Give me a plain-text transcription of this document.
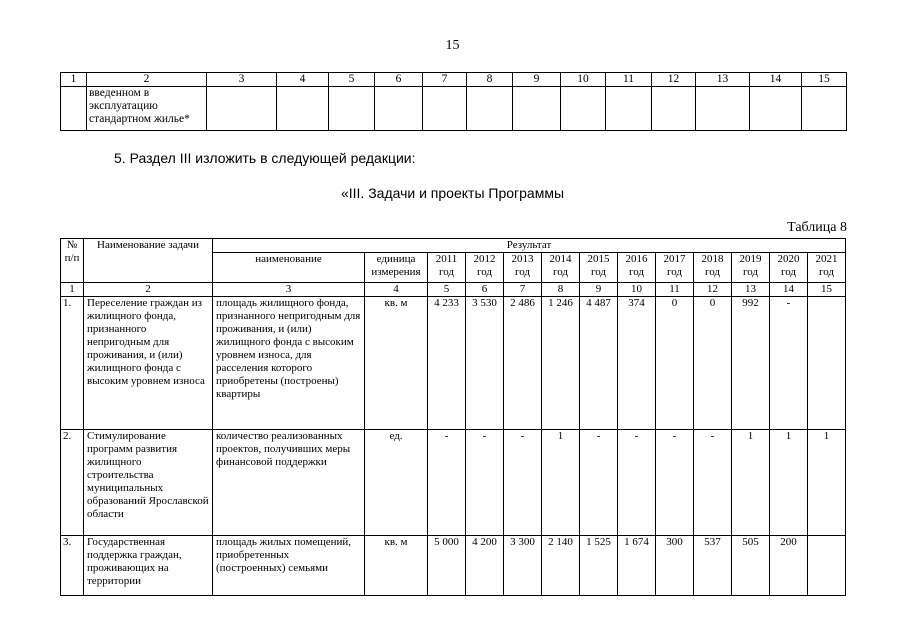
15
1	2	3	4	5	6	7	8	9	10	11	12	13	14	15

	введенном в
эксплуатацию
стандартном жилье*													

5. Раздел III изложить в следующей редакции:
«III. Задачи и проекты Программы
Таблица 8
№ п/п	Наименование задачи	Результат												
		наименование	единица измерения	2011 год	2012 год	2013 год	2014 год	2015 год	2016 год	2017 год	2018 год	2019 год	2020 год	2021 год
1	2	3	4	5	6	7	8	9	10	11	12	13	14	15
1.	Переселение граждан из жилищного фонда, признанного непригодным для проживания, и (или) жилищного фонда с высоким уровнем износа	площадь жилищного фонда, признанного непригодным для проживания, и (или) жилищного фонда с высоким уровнем износа, для расселения которого приобретены (построены) квартиры	кв. м	4 233	3 530	2 486	1 246	4 487	374	0	0	992	-	
2.	Стимулирование программ развития жилищного строительства муниципальных образований Ярославской области	количество реализованных проектов, получивших меры финансовой поддержки	ед.	-	-	-	1	-	-	-	-	1	1	1
3.	Государственная поддержка граждан, проживающих на территории	площадь жилых помещений, приобретенных (построенных) семьями	кв. м	5 000	4 200	3 300	2 140	1 525	1 674	300	537	505	200	
